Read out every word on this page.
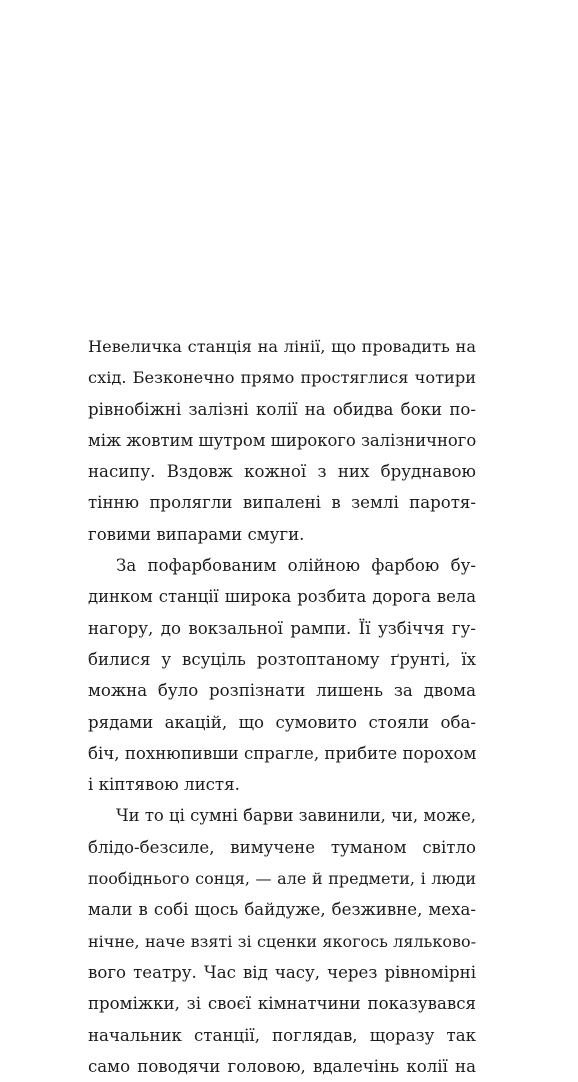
Невеличка станція на лінії, що провадить на
схід. Безконечно прямо простяглися чотири
рівнобіжні залізні колії на обидва боки по-
між жовтим шутром широкого залізничного
насипу. Вздовж кожної з них бруднавою
тінню пролягли випалені в землі паротя-
говими випарами смуги.
За пофарбованим олійною фарбою бу-
динком станції широка розбита дорога вела
нагору, до вокзальної рампи. Її узбіччя гу-
билися у всуціль розтоптаному ґрунті, їх
можна було розпізнати лишень за двома
рядами акацій, що сумовито стояли оба-
біч, похнюпивши спрагле, прибите порохом
і кіптявою листя.
Чи то ці сумні барви завинили, чи, може,
блідо-безсиле, вимучене туманом світло
пообіднього сонця, — але й предмети, і люди
мали в собі щось байдуже, безживне, меха-
нічне, наче взяті зі сценки якогось ляльково-
вого театру. Час від часу, через рівномірні
проміжки, зі своєї кімнатчини показувався
начальник станції, поглядав, щоразу так
само поводячи головою, вдалечінь колії на
